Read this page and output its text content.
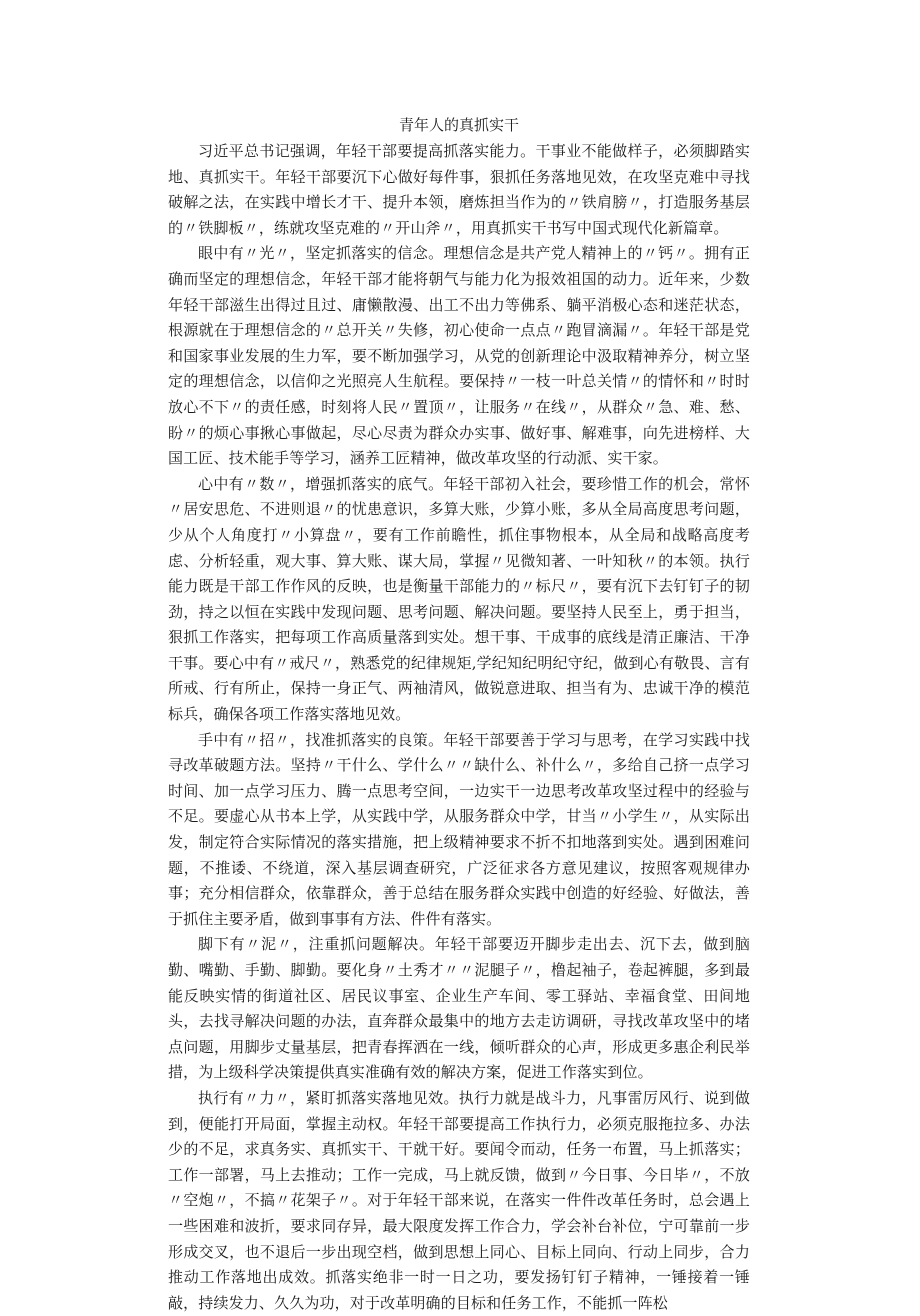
青年人的真抓实干

习近平总书记强调，年轻干部要提高抓落实能力。干事业不能做样子，必须脚踏实地、真抓实干。年轻干部要沉下心做好每件事，狠抓任务落地见效，在攻坚克难中寻找破解之法，在实践中增长才干、提升本领，磨炼担当作为的〃铁肩膀〃，打造服务基层的〃铁脚板〃，练就攻坚克难的〃开山斧〃，用真抓实干书写中国式现代化新篇章。

眼中有〃光〃，坚定抓落实的信念。理想信念是共产党人精神上的〃钙〃。拥有正确而坚定的理想信念，年轻干部才能将朝气与能力化为报效祖国的动力。近年来，少数年轻干部滋生出得过且过、庸懒散漫、出工不出力等佛系、躺平消极心态和迷茫状态，根源就在于理想信念的〃总开关〃失修，初心使命一点点〃跑冒滴漏〃。年轻干部是党和国家事业发展的生力军，要不断加强学习，从党的创新理论中汲取精神养分，树立坚定的理想信念，以信仰之光照亮人生航程。要保持〃一枝一叶总关情〃的情怀和〃时时放心不下〃的责任感，时刻将人民〃置顶〃，让服务〃在线〃，从群众〃急、难、愁、盼〃的烦心事揪心事做起，尽心尽责为群众办实事、做好事、解难事，向先进榜样、大国工匠、技术能手等学习，涵养工匠精神，做改革攻坚的行动派、实干家。

心中有〃数〃，增强抓落实的底气。年轻干部初入社会，要珍惜工作的机会，常怀〃居安思危、不进则退〃的忧患意识，多算大账，少算小账，多从全局高度思考问题，少从个人角度打〃小算盘〃，要有工作前瞻性，抓住事物根本，从全局和战略高度考虑、分析轻重，观大事、算大账、谋大局，掌握〃见微知著、一叶知秋〃的本领。执行能力既是干部工作作风的反映，也是衡量干部能力的〃标尺〃，要有沉下去钉钉子的韧劲，持之以恒在实践中发现问题、思考问题、解决问题。要坚持人民至上，勇于担当，狠抓工作落实，把每项工作高质量落到实处。想干事、干成事的底线是清正廉洁、干净干事。要心中有〃戒尺〃，熟悉党的纪律规矩,学纪知纪明纪守纪，做到心有敬畏、言有所戒、行有所止，保持一身正气、两袖清风，做锐意进取、担当有为、忠诚干净的模范标兵，确保各项工作落实落地见效。

手中有〃招〃，找准抓落实的良策。年轻干部要善于学习与思考，在学习实践中找寻改革破题方法。坚持〃干什么、学什么〃〃缺什么、补什么〃，多给自己挤一点学习时间、加一点学习压力、腾一点思考空间，一边实干一边思考改革攻坚过程中的经验与不足。要虚心从书本上学，从实践中学，从服务群众中学，甘当〃小学生〃，从实际出发，制定符合实际情况的落实措施，把上级精神要求不折不扣地落到实处。遇到困难问题，不推诿、不绕道，深入基层调查研究，广泛征求各方意见建议，按照客观规律办事；充分相信群众，依靠群众，善于总结在服务群众实践中创造的好经验、好做法，善于抓住主要矛盾，做到事事有方法、件件有落实。

脚下有〃泥〃，注重抓问题解决。年轻干部要迈开脚步走出去、沉下去，做到脑勤、嘴勤、手勤、脚勤。要化身〃土秀才〃〃泥腿子〃，橹起袖子，卷起裤腿，多到最能反映实情的街道社区、居民议事室、企业生产车间、零工驿站、幸福食堂、田间地头，去找寻解决问题的办法，直奔群众最集中的地方去走访调研，寻找改革攻坚中的堵点问题，用脚步丈量基层，把青春挥洒在一线，倾听群众的心声，形成更多惠企利民举措，为上级科学决策提供真实准确有效的解决方案，促进工作落实到位。

执行有〃力〃，紧盯抓落实落地见效。执行力就是战斗力，凡事雷厉风行、说到做到，便能打开局面，掌握主动权。年轻干部要提高工作执行力，必须克服拖拉多、办法少的不足，求真务实、真抓实干、干就干好。要闻令而动，任务一布置，马上抓落实；工作一部署，马上去推动；工作一完成，马上就反馈，做到〃今日事、今日毕〃，不放〃空炮〃，不搞〃花架子〃。对于年轻干部来说，在落实一件件改革任务时，总会遇上一些困难和波折，要求同存异，最大限度发挥工作合力，学会补台补位，宁可靠前一步形成交叉，也不退后一步出现空档，做到思想上同心、目标上同向、行动上同步，合力推动工作落地出成效。抓落实绝非一时一日之功，要发扬钉钉子精神，一锤接着一锤敲，持续发力、久久为功，对于改革明确的目标和任务工作，不能抓一阵松
